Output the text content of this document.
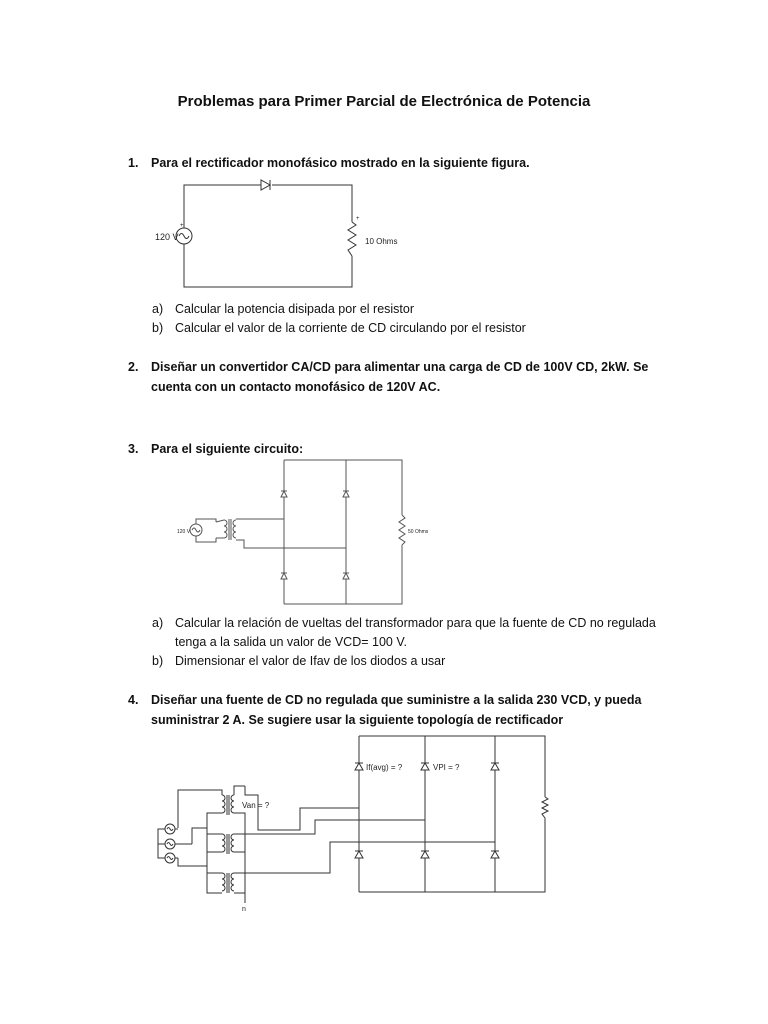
Problemas para Primer Parcial de Electrónica de Potencia
1. Para el rectificador monofásico mostrado en la siguiente figura.
a) Calcular la potencia disipada por el resistor
b) Calcular el valor de la corriente de CD circulando por el resistor
2. Diseñar un convertidor CA/CD para alimentar una carga de CD de 100V CD, 2kW. Se
cuenta con un contacto monofásico de 120V AC.
3. Para el siguiente circuito:
a) Calcular la relación de vueltas del transformador para que la fuente de CD no regulada
tenga a la salida un valor de VCD= 100 V.
b) Dimensionar el valor de Ifav de los diodos a usar
4. Diseñar una fuente de CD no regulada que suministre a la salida 230 VCD, y pueda
suministrar 2 A. Se sugiere usar la siguiente topología de rectificador
120 V	10 Ohms
+
+
120 V	50 Ohms
If(avg) = ?	VPI = ?
Van = ?
n
